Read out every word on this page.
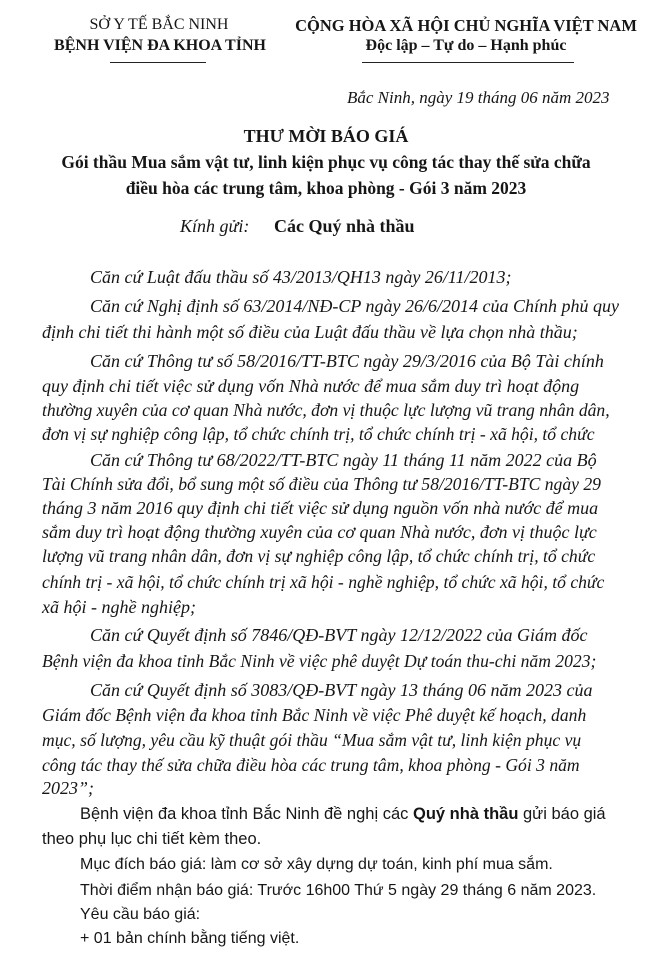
SỞ Y TẾ BẮC NINH
BỆNH VIỆN ĐA KHOA TỈNH
CỘNG HÒA XÃ HỘI CHỦ NGHĨA VIỆT NAM
Độc lập – Tự do – Hạnh phúc
Bắc Ninh, ngày 19 tháng 06 năm 2023
THƯ MỜI BÁO GIÁ
Gói thầu Mua sắm vật tư, linh kiện phục vụ công tác thay thế sửa chữa
điều hòa các trung tâm, khoa phòng - Gói 3 năm 2023
Kính gửi: Các Quý nhà thầu
Căn cứ Luật đấu thầu số 43/2013/QH13 ngày 26/11/2013;
Căn cứ Nghị định số 63/2014/NĐ-CP ngày 26/6/2014 của Chính phủ quy
định chi tiết thi hành một số điều của Luật đấu thầu về lựa chọn nhà thầu;
Căn cứ Thông tư số 58/2016/TT-BTC ngày 29/3/2016 của Bộ Tài chính
quy định chi tiết việc sử dụng vốn Nhà nước để mua sắm duy trì hoạt động
thường xuyên của cơ quan Nhà nước, đơn vị thuộc lực lượng vũ trang nhân dân,
đơn vị sự nghiệp công lập, tổ chức chính trị, tổ chức chính trị - xã hội, tổ chức
Căn cứ Thông tư 68/2022/TT-BTC ngày 11 tháng 11 năm 2022 của Bộ
Tài Chính sửa đổi, bổ sung một số điều của Thông tư 58/2016/TT-BTC ngày 29
tháng 3 năm 2016 quy định chi tiết việc sử dụng nguồn vốn nhà nước để mua
sắm duy trì hoạt động thường xuyên của cơ quan Nhà nước, đơn vị thuộc lực
lượng vũ trang nhân dân, đơn vị sự nghiệp công lập, tổ chức chính trị, tổ chức
chính trị - xã hội, tổ chức chính trị xã hội - nghề nghiệp, tổ chức xã hội, tổ chức
xã hội - nghề nghiệp;
Căn cứ Quyết định số 7846/QĐ-BVT ngày 12/12/2022 của Giám đốc
Bệnh viện đa khoa tỉnh Bắc Ninh về việc phê duyệt Dự toán thu-chi năm 2023;
Căn cứ Quyết định số 3083/QĐ-BVT ngày 13 tháng 06 năm 2023 của
Giám đốc Bệnh viện đa khoa tỉnh Bắc Ninh về việc Phê duyệt kế hoạch, danh
mục, số lượng, yêu cầu kỹ thuật gói thầu “Mua sắm vật tư, linh kiện phục vụ
công tác thay thế sửa chữa điều hòa các trung tâm, khoa phòng - Gói 3 năm
2023”;
Bệnh viện đa khoa tỉnh Bắc Ninh đề nghị các Quý nhà thầu gửi báo giá
theo phụ lục chi tiết kèm theo.
Mục đích báo giá: làm cơ sở xây dựng dự toán, kinh phí mua sắm.
Thời điểm nhận báo giá: Trước 16h00 Thứ 5 ngày 29 tháng 6 năm 2023.
Yêu cầu báo giá:
+ 01 bản chính bằng tiếng việt.
